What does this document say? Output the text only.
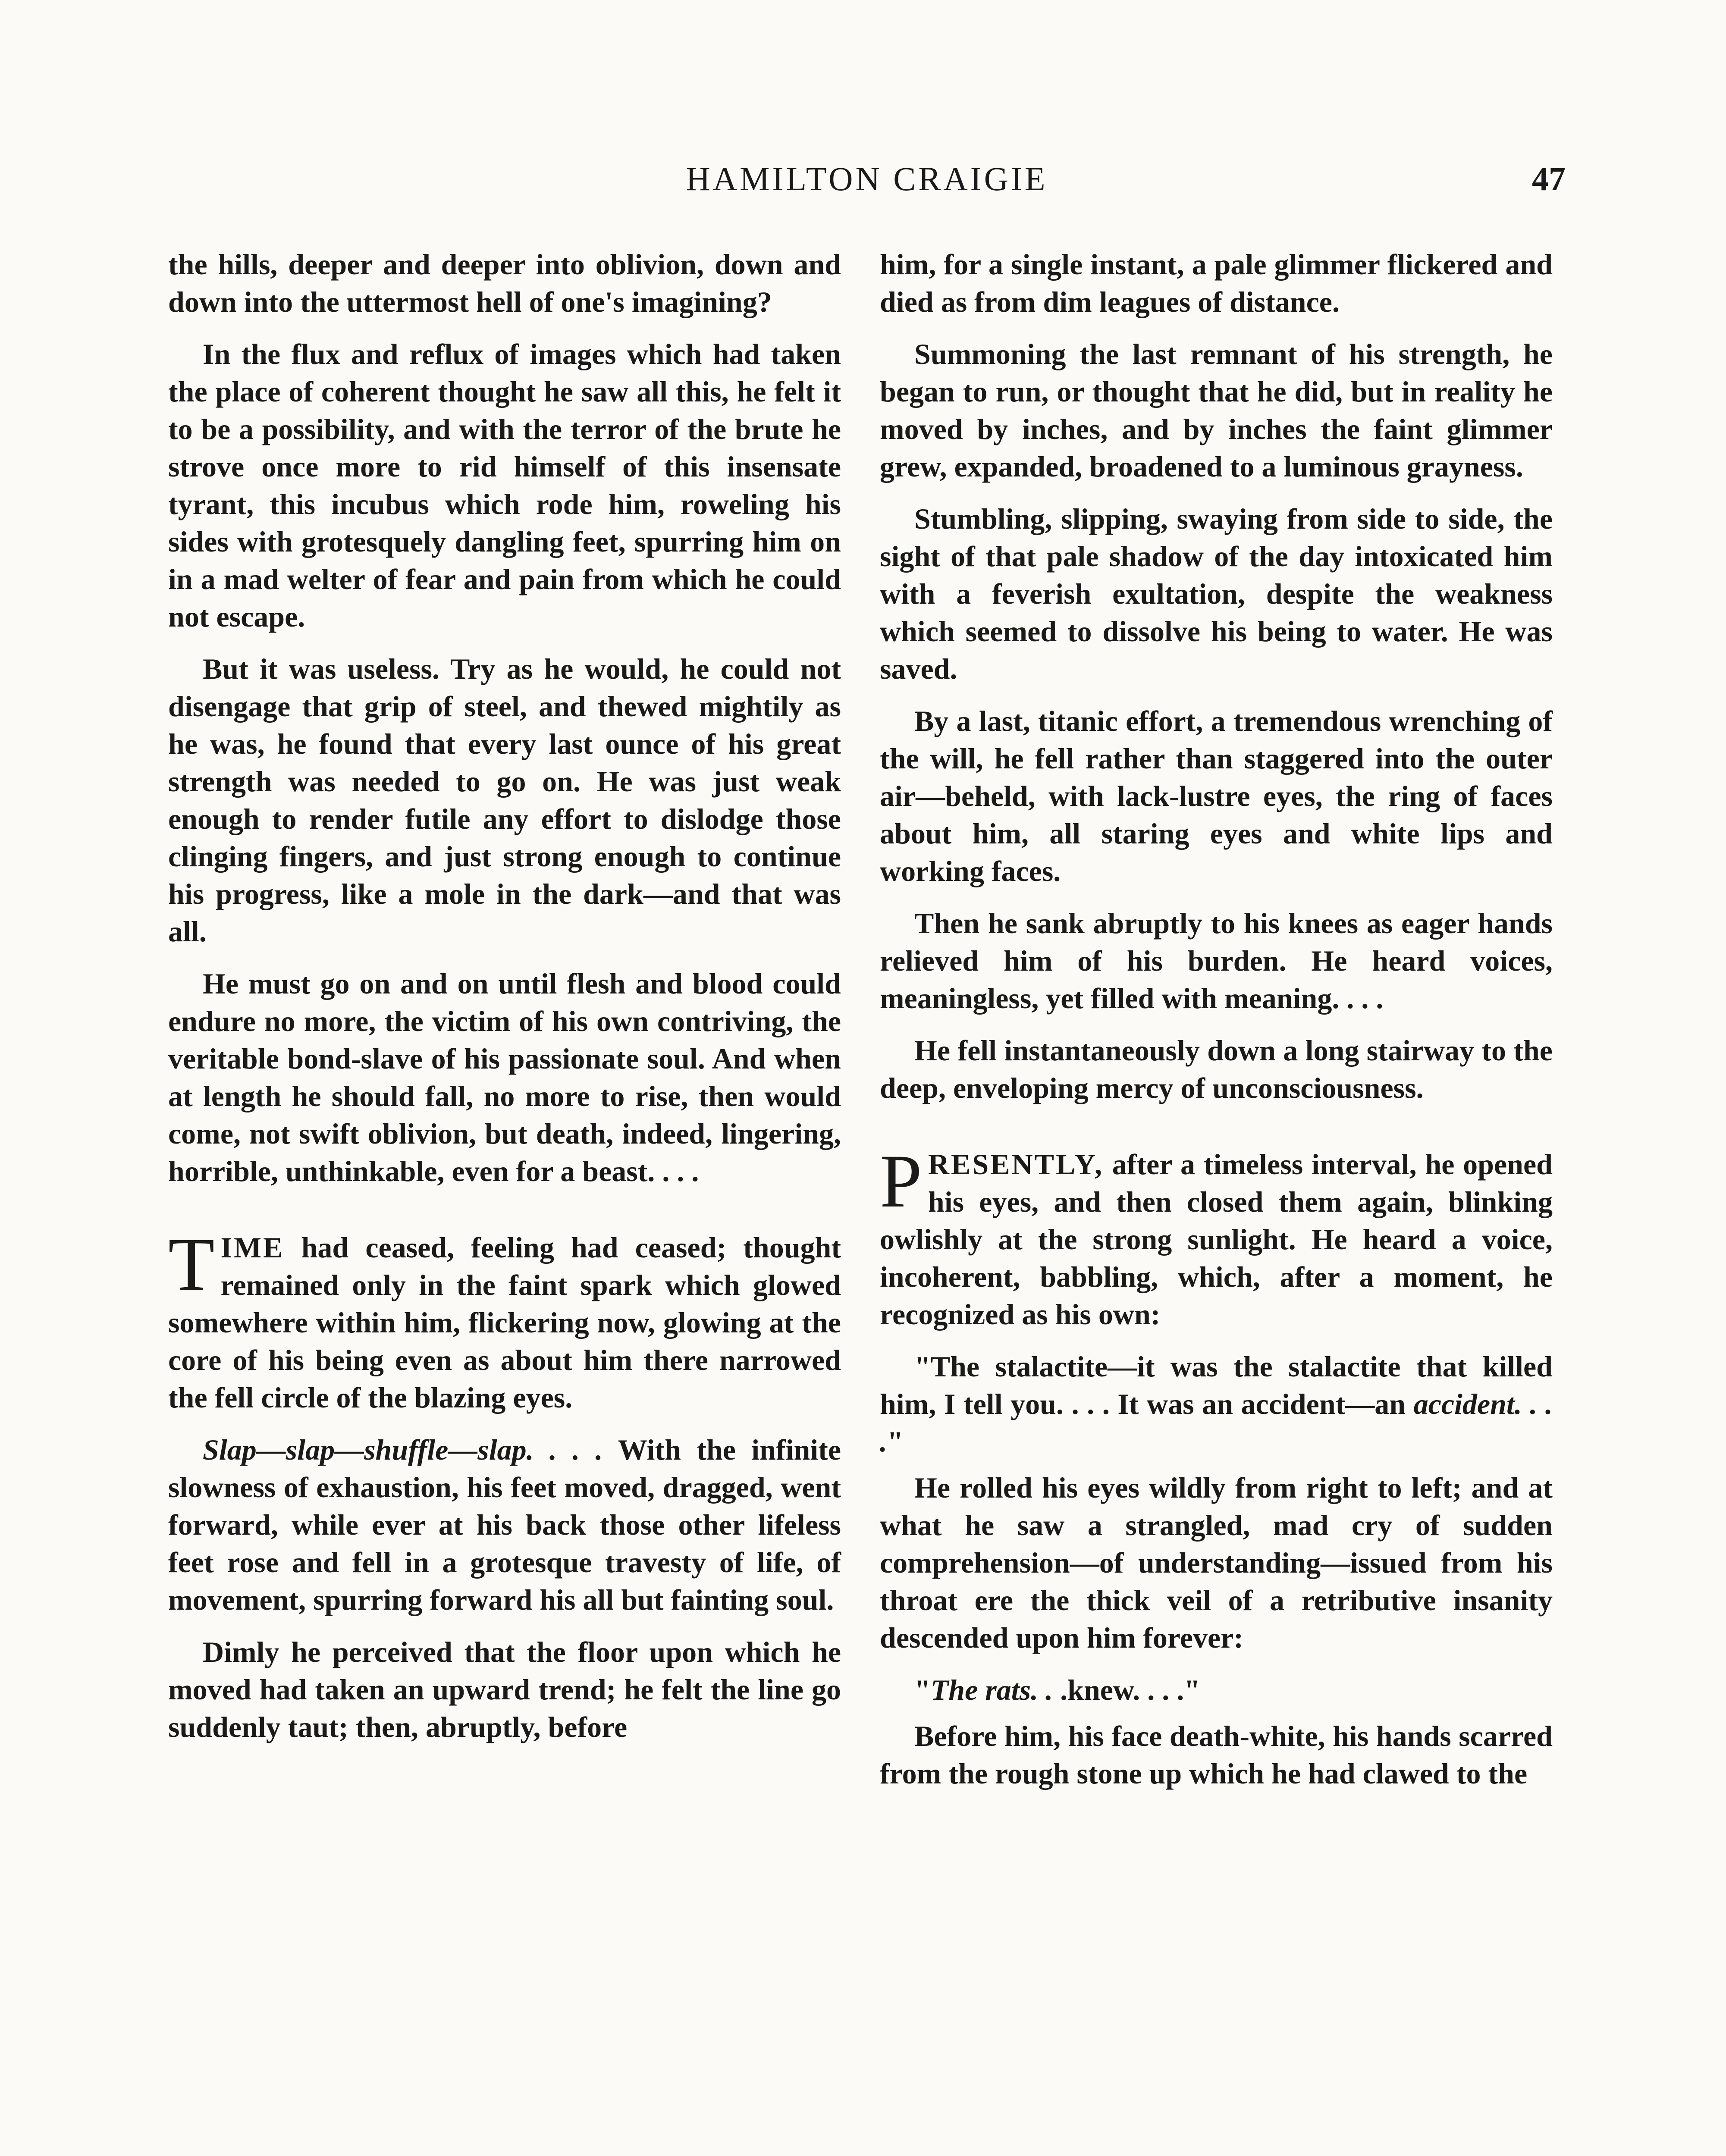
HAMILTON CRAIGIE	47

the hills, deeper and deeper into oblivion, down and down into the uttermost hell of one's imagining?

In the flux and reflux of images which had taken the place of coherent thought he saw all this, he felt it to be a possibility, and with the terror of the brute he strove once more to rid himself of this insensate tyrant, this incubus which rode him, roweling his sides with grotesquely dangling feet, spurring him on in a mad welter of fear and pain from which he could not escape.

But it was useless. Try as he would, he could not disengage that grip of steel, and thewed mightily as he was, he found that every last ounce of his great strength was needed to go on. He was just weak enough to render futile any effort to dislodge those clinging fingers, and just strong enough to continue his progress, like a mole in the dark—and that was all.

He must go on and on until flesh and blood could endure no more, the victim of his own contriving, the veritable bond-slave of his passionate soul. And when at length he should fall, no more to rise, then would come, not swift oblivion, but death, indeed, lingering, horrible, unthinkable, even for a beast. . . .

TIME had ceased, feeling had ceased; thought remained only in the faint spark which glowed somewhere within him, flickering now, glowing at the core of his being even as about him there narrowed the fell circle of the blazing eyes.

Slap—slap—shuffle—slap. . . . With the infinite slowness of exhaustion, his feet moved, dragged, went forward, while ever at his back those other lifeless feet rose and fell in a grotesque travesty of life, of movement, spurring forward his all but fainting soul.

Dimly he perceived that the floor upon which he moved had taken an upward trend; he felt the line go suddenly taut; then, abruptly, before

him, for a single instant, a pale glimmer flickered and died as from dim leagues of distance.

Summoning the last remnant of his strength, he began to run, or thought that he did, but in reality he moved by inches, and by inches the faint glimmer grew, expanded, broadened to a luminous grayness.

Stumbling, slipping, swaying from side to side, the sight of that pale shadow of the day intoxicated him with a feverish exultation, despite the weakness which seemed to dissolve his being to water. He was saved.

By a last, titanic effort, a tremendous wrenching of the will, he fell rather than staggered into the outer air—beheld, with lack-lustre eyes, the ring of faces about him, all staring eyes and white lips and working faces.

Then he sank abruptly to his knees as eager hands relieved him of his burden. He heard voices, meaningless, yet filled with meaning. . . .

He fell instantaneously down a long stairway to the deep, enveloping mercy of unconsciousness.

PRESENTLY, after a timeless interval, he opened his eyes, and then closed them again, blinking owlishly at the strong sunlight. He heard a voice, incoherent, babbling, which, after a moment, he recognized as his own:

"The stalactite—it was the stalactite that killed him, I tell you. . . . It was an accident—an accident. . . ."

He rolled his eyes wildly from right to left; and at what he saw a strangled, mad cry of sudden comprehension—of understanding—issued from his throat ere the thick veil of a retributive insanity descended upon him forever:

"The rats. . .knew. . . ."

Before him, his face death-white, his hands scarred from the rough stone up which he had clawed to the
